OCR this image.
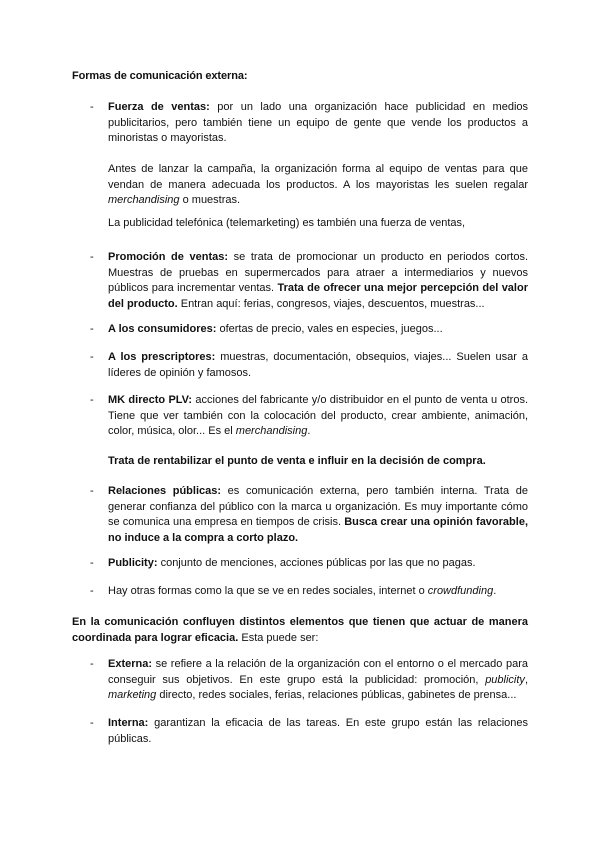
Formas de comunicación externa:
- Fuerza de ventas: por un lado una organización hace publicidad en medios publicitarios, pero también tiene un equipo de gente que vende los productos a minoristas o mayoristas.
Antes de lanzar la campaña, la organización forma al equipo de ventas para que vendan de manera adecuada los productos. A los mayoristas les suelen regalar merchandising o muestras.
La publicidad telefónica (telemarketing) es también una fuerza de ventas,
- Promoción de ventas: se trata de promocionar un producto en periodos cortos. Muestras de pruebas en supermercados para atraer a intermediarios y nuevos públicos para incrementar ventas. Trata de ofrecer una mejor percepción del valor del producto. Entran aquí: ferias, congresos, viajes, descuentos, muestras...
- A los consumidores: ofertas de precio, vales en especies, juegos...
- A los prescriptores: muestras, documentación, obsequios, viajes... Suelen usar a líderes de opinión y famosos.
- MK directo PLV: acciones del fabricante y/o distribuidor en el punto de venta u otros. Tiene que ver también con la colocación del producto, crear ambiente, animación, color, música, olor... Es el merchandising.
Trata de rentabilizar el punto de venta e influir en la decisión de compra.
- Relaciones públicas: es comunicación externa, pero también interna. Trata de generar confianza del público con la marca u organización. Es muy importante cómo se comunica una empresa en tiempos de crisis. Busca crear una opinión favorable, no induce a la compra a corto plazo.
- Publicity: conjunto de menciones, acciones públicas por las que no pagas.
- Hay otras formas como la que se ve en redes sociales, internet o crowdfunding.
En la comunicación confluyen distintos elementos que tienen que actuar de manera coordinada para lograr eficacia. Esta puede ser:
- Externa: se refiere a la relación de la organización con el entorno o el mercado para conseguir sus objetivos. En este grupo está la publicidad: promoción, publicity, marketing directo, redes sociales, ferias, relaciones públicas, gabinetes de prensa...
- Interna: garantizan la eficacia de las tareas. En este grupo están las relaciones públicas.
